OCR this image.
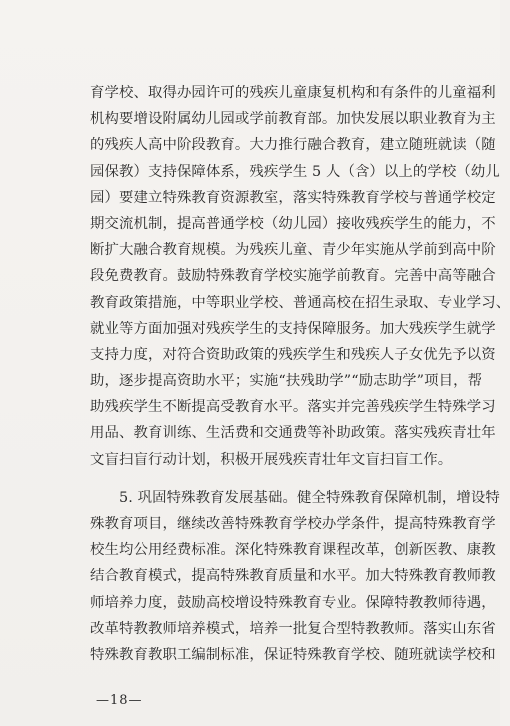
育学校、取得办园许可的残疾儿童康复机构和有条件的儿童福利
机构要增设附属幼儿园或学前教育部。加快发展以职业教育为主
的残疾人高中阶段教育。大力推行融合教育，建立随班就读（随
园保教）支持保障体系，残疾学生 5 人（含）以上的学校（幼儿
园）要建立特殊教育资源教室，落实特殊教育学校与普通学校定
期交流机制，提高普通学校（幼儿园）接收残疾学生的能力，不
断扩大融合教育规模。为残疾儿童、青少年实施从学前到高中阶
段免费教育。鼓励特殊教育学校实施学前教育。完善中高等融合
教育政策措施，中等职业学校、普通高校在招生录取、专业学习、
就业等方面加强对残疾学生的支持保障服务。加大残疾学生就学
支持力度，对符合资助政策的残疾学生和残疾人子女优先予以资
助，逐步提高资助水平；实施“扶残助学”“励志助学”项目，帮
助残疾学生不断提高受教育水平。落实并完善残疾学生特殊学习
用品、教育训练、生活费和交通费等补助政策。落实残疾青壮年
文盲扫盲行动计划，积极开展残疾青壮年文盲扫盲工作。
5. 巩固特殊教育发展基础。健全特殊教育保障机制，增设特
殊教育项目，继续改善特殊教育学校办学条件，提高特殊教育学
校生均公用经费标准。深化特殊教育课程改革，创新医教、康教
结合教育模式，提高特殊教育质量和水平。加大特殊教育教师教
师培养力度，鼓励高校增设特殊教育专业。保障特教教师待遇，
改革特教教师培养模式，培养一批复合型特教教师。落实山东省
特殊教育教职工编制标准，保证特殊教育学校、随班就读学校和
—18—
